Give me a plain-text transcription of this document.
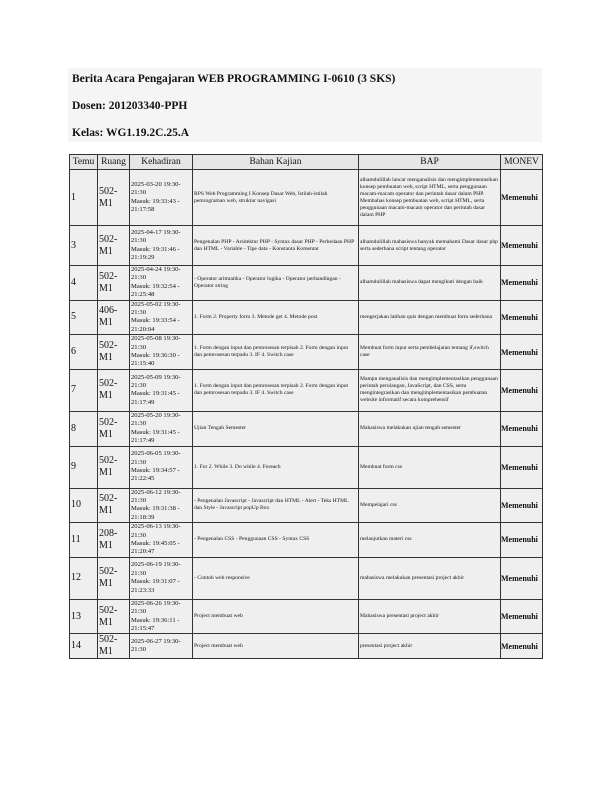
Berita Acara Pengajaran WEB PROGRAMMING I-0610 (3 SKS)
Dosen: 201203340-PPH
Kelas: WG1.19.2C.25.A
Temu	Ruang	Kehadiran	Bahan Kajian	BAP	MONEV
1	502-M1	2025-03-20 19:30-21:30
Masuk: 19:33:43 - 21:17:58	RPS Web Programming I Konsep Dasar Web, Istilah-istilah pemrograman web, struktur navigasi	alhamdulillah lancar menganalisis dan mengimplementasikan konsep pembuatan web, script HTML, serta penggunaan macam-macam operator dan perintah dasar dalam PHP. Membahas konsep pembuatan web, script HTML, serta penggunaan macam-macam operator dan perintah dasar dalam PHP	Memenuhi
3	502-M1	2025-04-17 19:30-21:30
Masuk: 19:31:46 - 21:19:29	Pengenalan PHP - Arsitektur PHP - Syntax dasar PHP - Perbedaan PHP dan HTML - Variable - Tipe data - Konstanta Komentar	alhamdulillah mahasiswa banyak memahami Dasar dasar php serta sederhana script tentang operator	Memenuhi
4	502-M1	2025-04-24 19:30-21:30
Masuk: 19:32:54 - 21:25:48	- Operator aritmatika - Operator logika - Operator perbandingan - Operator string	alhamdulillah mahasiswa dapat mengikuti dengan baik	Memenuhi
5	406-M1	2025-05-02 19:30-21:30
Masuk: 19:33:54 - 21:20:04	1. Form 2. Property form 3. Metode get 4. Metode post	mengerjakan latihan quis dengan membuat form sederhana	Memenuhi
6	502-M1	2025-05-08 19:30-21:30
Masuk: 19:36:30 - 21:15:40	1. Form dengan input dan pemrosesan terpisah 2. Form dengan input dan pemrosesan terpadu 3. IF 4. Switch case	Membuat form input serta pembelajaran tentang if,switch case	Memenuhi
7	502-M1	2025-05-09 19:30-21:30
Masuk: 19:31:45 - 21:17:49	1. Form dengan input dan pemrosesan terpisah 2. Form dengan input dan pemrosesan terpadu 3. IF 4. Switch case	Mampu menganalisis dan mengimplementasikan penggunaan perintah perulangan, JavaScript, dan CSS, serta mengintegrasikan dan mengimplementasikan pembuatan website informatif secara komprehensif	Memenuhi
8	502-M1	2025-05-20 19:30-21:30
Masuk: 19:31:45 - 21:17:49	Ujian Tengah Semester	Mahasiswa melakukan ujian tengah semester	Memenuhi
9	502-M1	2025-06-05 19:30-21:30
Masuk: 19:34:57 - 21:22:45	1. For 2. While 3. Do while 4. Foreach	Membuat form css	Memenuhi
10	502-M1	2025-06-12 19:30-21:30
Masuk: 19:31:38 - 21:18:39	- Pengenalan Javascript - Javascript dan HTML - Alert - Teks HTML dan Style - Javascript popUp Box	Mempelajari css	Memenuhi
11	208-M1	2025-06-13 19:30-21:30
Masuk: 19:45:05 - 21:20:47	- Pengenalan CSS - Penggunaan CSS - Syntax CSS	melanjutkan materi css	Memenuhi
12	502-M1	2025-06-19 19:30-21:30
Masuk: 19:31:07 - 21:23:33	- Contoh web responsive	mahasiswa melakukan presentasi project akhir	Memenuhi
13	502-M1	2025-06-26 19:30-21:30
Masuk: 19:36:11 - 21:15:47	Project membuat web	Mahasiswa presentasi project akhir	Memenuhi
14	502-M1	2025-06-27 19:30-21:30	Project membuat web	presentasi project akhir	Memenuhi
